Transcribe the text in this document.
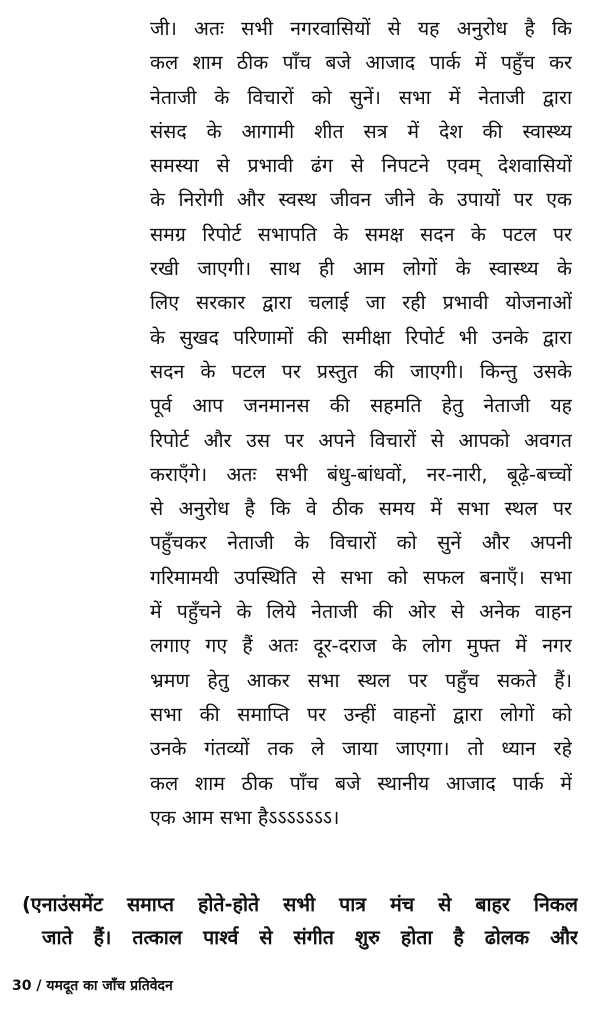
जी। अतः सभी नगरवासियों से यह अनुरोध है कि
कल शाम ठीक पाँच बजे आजाद पार्क में पहुँच कर
नेताजी के विचारों को सुनें। सभा में नेताजी द्वारा
संसद के आगामी शीत सत्र में देश की स्वास्थ्य
समस्या से प्रभावी ढंग से निपटने एवम् देशवासियों
के निरोगी और स्वस्थ जीवन जीने के उपायों पर एक
समग्र रिपोर्ट सभापति के समक्ष सदन के पटल पर
रखी जाएगी। साथ ही आम लोगों के स्वास्थ्य के
लिए सरकार द्वारा चलाई जा रही प्रभावी योजनाओं
के सुखद परिणामों की समीक्षा रिपोर्ट भी उनके द्वारा
सदन के पटल पर प्रस्तुत की जाएगी। किन्तु उसके
पूर्व आप जनमानस की सहमति हेतु नेताजी यह
रिपोर्ट और उस पर अपने विचारों से आपको अवगत
कराएँगे। अतः सभी बंधु-बांधवों, नर-नारी, बूढ़े-बच्चों
से अनुरोध है कि वे ठीक समय में सभा स्थल पर
पहुँचकर नेताजी के विचारों को सुनें और अपनी
गरिमामयी उपस्थिति से सभा को सफल बनाएँ। सभा
में पहुँचने के लिये नेताजी की ओर से अनेक वाहन
लगाए गए हैं अतः दूर-दराज के लोग मुफ्त में नगर
भ्रमण हेतु आकर सभा स्थल पर पहुँच सकते हैं।
सभा की समाप्ति पर उन्हीं वाहनों द्वारा लोगों को
उनके गंतव्यों तक ले जाया जाएगा। तो ध्यान रहे
कल शाम ठीक पाँच बजे स्थानीय आजाद पार्क में
एक आम सभा हैऽऽऽऽऽऽऽ।
(एनाउंसमेंट समाप्त होते-होते सभी पात्र मंच से बाहर निकल
जाते हैं। तत्काल पार्श्व से संगीत शुरु होता है ढोलक और
30 / यमदूत का जाँच प्रतिवेदन
